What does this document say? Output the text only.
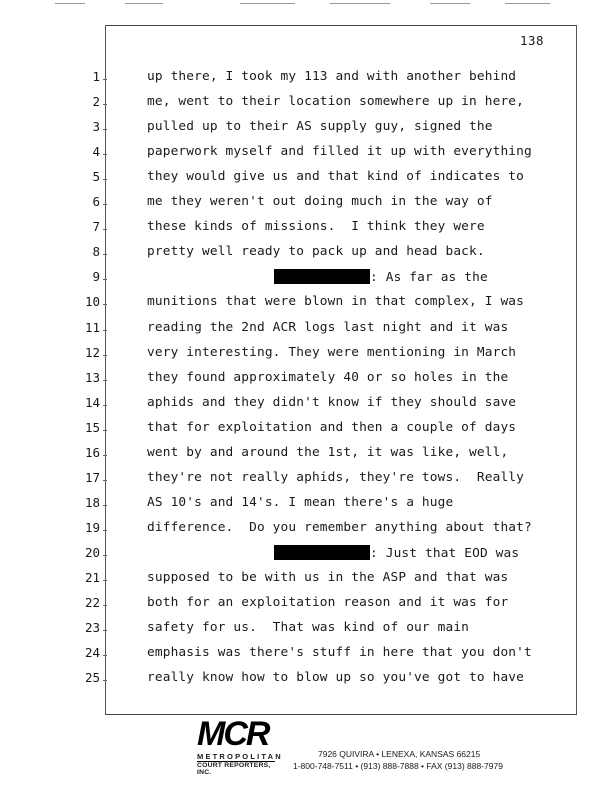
138
1	up there, I took my 113 and with another behind
2	me, went to their location somewhere up in here,
3	pulled up to their AS supply guy, signed the
4	paperwork myself and filled it up with everything
5	they would give us and that kind of indicates to
6	me they weren't out doing much in the way of
7	these kinds of missions.  I think they were
8	pretty well ready to pack up and head back.
9	: As far as the
10	munitions that were blown in that complex, I was
11	reading the 2nd ACR logs last night and it was
12	very interesting. They were mentioning in March
13	they found approximately 40 or so holes in the
14	aphids and they didn't know if they should save
15	that for exploitation and then a couple of days
16	went by and around the 1st, it was like, well,
17	they're not really aphids, they're tows.  Really
18	AS 10's and 14's. I mean there's a huge
19	difference.  Do you remember anything about that?
20	: Just that EOD was
21	supposed to be with us in the ASP and that was
22	both for an exploitation reason and it was for
23	safety for us.  That was kind of our main
24	emphasis was there's stuff in here that you don't
25	really know how to blow up so you've got to have
MCR
METROPOLITAN
COURT REPORTERS, INC.
7926 QUIVIRA • LENEXA, KANSAS 66215
1-800-748-7511 • (913) 888-7888 • FAX (913) 888-7979
